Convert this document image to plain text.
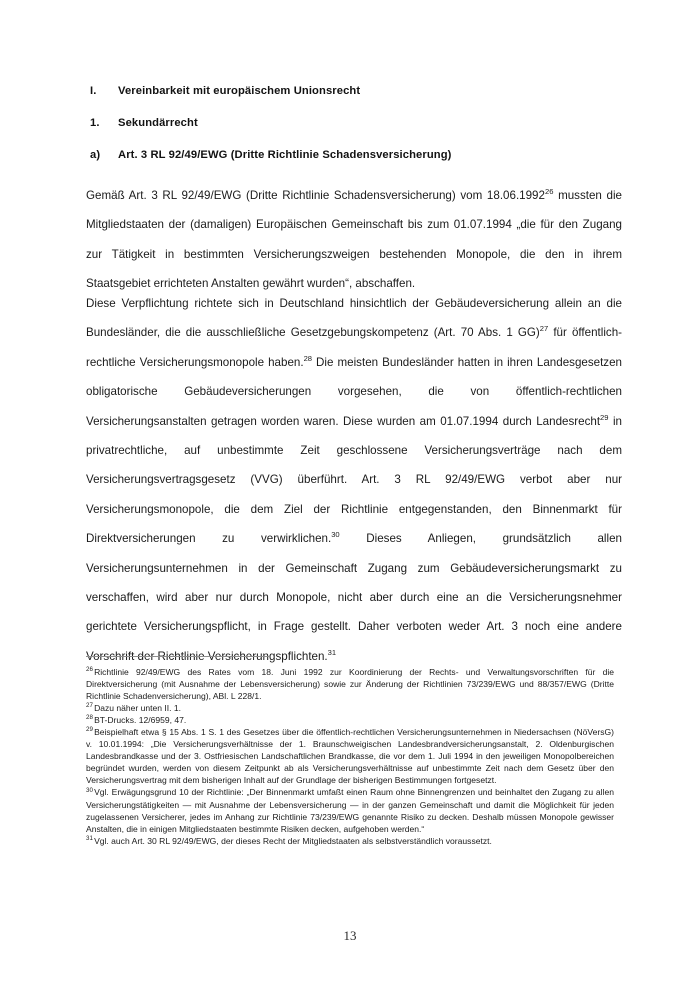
I. Vereinbarkeit mit europäischem Unionsrecht
1. Sekundärrecht
a) Art. 3 RL 92/49/EWG (Dritte Richtlinie Schadensversicherung)
Gemäß Art. 3 RL 92/49/EWG (Dritte Richtlinie Schadensversicherung) vom 18.06.1992$^{26}$ mussten die Mitgliedstaaten der (damaligen) Europäischen Gemeinschaft bis zum 01.07.1994 „die für den Zugang zur Tätigkeit in bestimmten Versicherungszweigen bestehenden Monopole, die den in ihrem Staatsgebiet errichteten Anstalten gewährt wurden“, abschaffen.
Diese Verpflichtung richtete sich in Deutschland hinsichtlich der Gebäudeversicherung allein an die Bundesländer, die die ausschließliche Gesetzgebungskompetenz (Art. 70 Abs. 1 GG)$^{27}$ für öffentlich-rechtliche Versicherungsmonopole haben.$^{28}$ Die meisten Bundesländer hatten in ihren Landesgesetzen obligatorische Gebäudeversicherungen vorgesehen, die von öffentlich-rechtlichen Versicherungsanstalten getragen worden waren. Diese wurden am 01.07.1994 durch Landesrecht$^{29}$ in privatrechtliche, auf unbestimmte Zeit geschlossene Versicherungsverträge nach dem Versicherungsvertragsgesetz (VVG) überführt. Art. 3 RL 92/49/EWG verbot aber nur Versicherungsmonopole, die dem Ziel der Richtlinie entgegenstanden, den Binnenmarkt für Direktversicherungen zu verwirklichen.$^{30}$ Dieses Anliegen, grundsätzlich allen Versicherungsunternehmen in der Gemeinschaft Zugang zum Gebäudeversicherungsmarkt zu verschaffen, wird aber nur durch Monopole, nicht aber durch eine an die Versicherungsnehmer gerichtete Versicherungspflicht, in Frage gestellt. Daher verboten weder Art. 3 noch eine andere Vorschrift der Richtlinie Versicherungspflichten.$^{31}$

$^{26}$Richtlinie 92/49/EWG des Rates vom 18. Juni 1992 zur Koordinierung der Rechts- und Verwaltungsvorschriften für die Direktversicherung (mit Ausnahme der Lebensversicherung) sowie zur Änderung der Richtlinien 73/239/EWG und 88/357/EWG (Dritte Richtlinie Schadenversicherung), ABl. L 228/1.

$^{27}$Dazu näher unten II. 1.

$^{28}$BT-Drucks. 12/6959, 47.

$^{29}$Beispielhaft etwa § 15 Abs. 1 S. 1 des Gesetzes über die öffentlich-rechtlichen Versicherungsunternehmen in Niedersachsen (NöVersG) v. 10.01.1994: „Die Versicherungsverhältnisse der 1. Braunschweigischen Landesbrandversicherungsanstalt, 2. Oldenburgischen Landesbrandkasse und der 3. Ostfriesischen Landschaftlichen Brandkasse, die vor dem 1. Juli 1994 in den jeweiligen Monopolbereichen begründet wurden, werden von diesem Zeitpunkt ab als Versicherungsverhältnisse auf unbestimmte Zeit nach dem Gesetz über den Versicherungsvertrag mit dem bisherigen Inhalt auf der Grundlage der bisherigen Bestimmungen fortgesetzt.

$^{30}$Vgl. Erwägungsgrund 10 der Richtlinie: „Der Binnenmarkt umfaßt einen Raum ohne Binnengrenzen und beinhaltet den Zugang zu allen Versicherungstätigkeiten — mit Ausnahme der Lebensversicherung — in der ganzen Gemeinschaft und damit die Möglichkeit für jeden zugelassenen Versicherer, jedes im Anhang zur Richtlinie 73/239/EWG genannte Risiko zu decken. Deshalb müssen Monopole gewisser Anstalten, die in einigen Mitgliedstaaten bestimmte Risiken decken, aufgehoben werden.“

$^{31}$Vgl. auch Art. 30 RL 92/49/EWG, der dieses Recht der Mitgliedstaaten als selbstverständlich voraussetzt.

13
